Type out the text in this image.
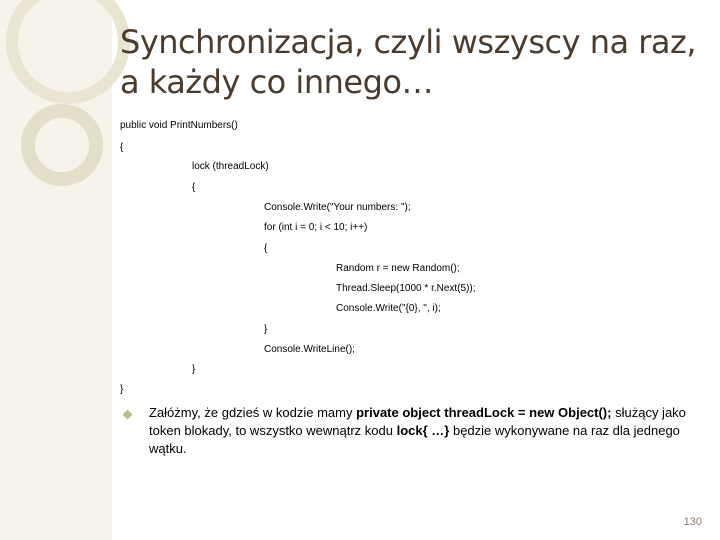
Synchronizacja, czyli wszyscy na raz,
a każdy co innego…
public void PrintNumbers()
{
lock (threadLock)
{
Console.Write("Your numbers: ");
for (int i = 0; i < 10; i++)
{
Random r = new Random();
Thread.Sleep(1000 * r.Next(5));
Console.Write("{0}, ", i);
}
Console.WriteLine();
}
}
Załóżmy, że gdzieś w kodzie mamy private object threadLock = new Object(); służący jako token blokady, to wszystko wewnątrz kodu lock{ …} będzie wykonywane na raz dla jednego wątku.
130
